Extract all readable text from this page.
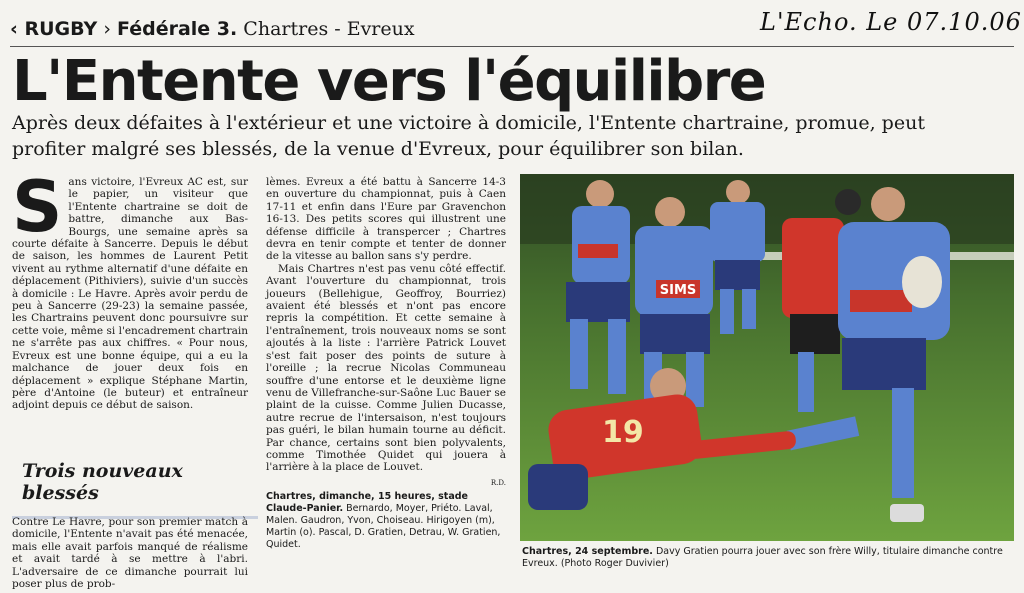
‹ RUGBY › Fédérale 3. Chartres - Evreux	L'Echo. Le 07.10.06
L'Entente vers l'équilibre
Après deux défaites à l'extérieur et une victoire à domicile, l'Entente chartraine, promue, peut profiter malgré ses blessés, de la venue d'Evreux, pour équilibrer son bilan.
S ans victoire, l'Evreux AC est, sur le papier, un visiteur que l'Entente chartraine se doit de battre, dimanche aux Bas-Bourgs, une semaine après sa courte défaite à Sancerre. Depuis le début de saison, les hommes de Laurent Petit vivent au rythme alternatif d'une défaite en déplacement (Pithiviers), suivie d'un succès à domicile : Le Havre. Après avoir perdu de peu à Sancerre (29-23) la semaine passée, les Chartrains peuvent donc poursuivre sur cette voie, même si l'encadrement chartrain ne s'arrête pas aux chiffres. « Pour nous, Evreux est une bonne équipe, qui a eu la malchance de jouer deux fois en déplacement » explique Stéphane Martin, père d'Antoine (le buteur) et entraîneur adjoint depuis ce début de saison.

Trois nouveaux blessés

Contre Le Havre, pour son premier match à domicile, l'Entente n'avait pas été menacée, mais elle avait parfois manqué de réalisme et avait tardé à se mettre à l'abri. L'adversaire de ce dimanche pourrait lui poser plus de prob-

lèmes. Evreux a été battu à Sancerre 14-3 en ouverture du championnat, puis à Caen 17-11 et enfin dans l'Eure par Gravenchon 16-13. Des petits scores qui illustrent une défense difficile à transpercer ; Chartres devra en tenir compte et tenter de donner de la vitesse au ballon sans s'y perdre.

Mais Chartres n'est pas venu côté effectif. Avant l'ouverture du championnat, trois joueurs (Bellehigue, Geoffroy, Bourriez) avaient été blessés et n'ont pas encore repris la compétition. Et cette semaine à l'entraînement, trois nouveaux noms se sont ajoutés à la liste : l'arrière Patrick Louvet s'est fait poser des points de suture à l'oreille ; la recrue Nicolas Communeau souffre d'une entorse et le deuxième ligne venu de Villefranche-sur-Saône Luc Bauer se plaint de la cuisse. Comme Julien Ducasse, autre recrue de l'intersaison, n'est toujours pas guéri, le bilan humain tourne au déficit. Par chance, certains sont bien polyvalents, comme Timothée Quidet qui jouera à l'arrière à la place de Louvet.

R.D.
Chartres, dimanche, 15 heures, stade Claude-Panier. Bernardo, Moyer, Priéto. Laval, Malen. Gaudron, Yvon, Choiseau. Hirigoyen (m), Martin (o). Pascal, D. Gratien, Detrau, W. Gratien, Quidet.
SIMS
19
Chartres, 24 septembre. Davy Gratien pourra jouer avec son frère Willy, titulaire dimanche contre Evreux. (Photo Roger Duvivier)
